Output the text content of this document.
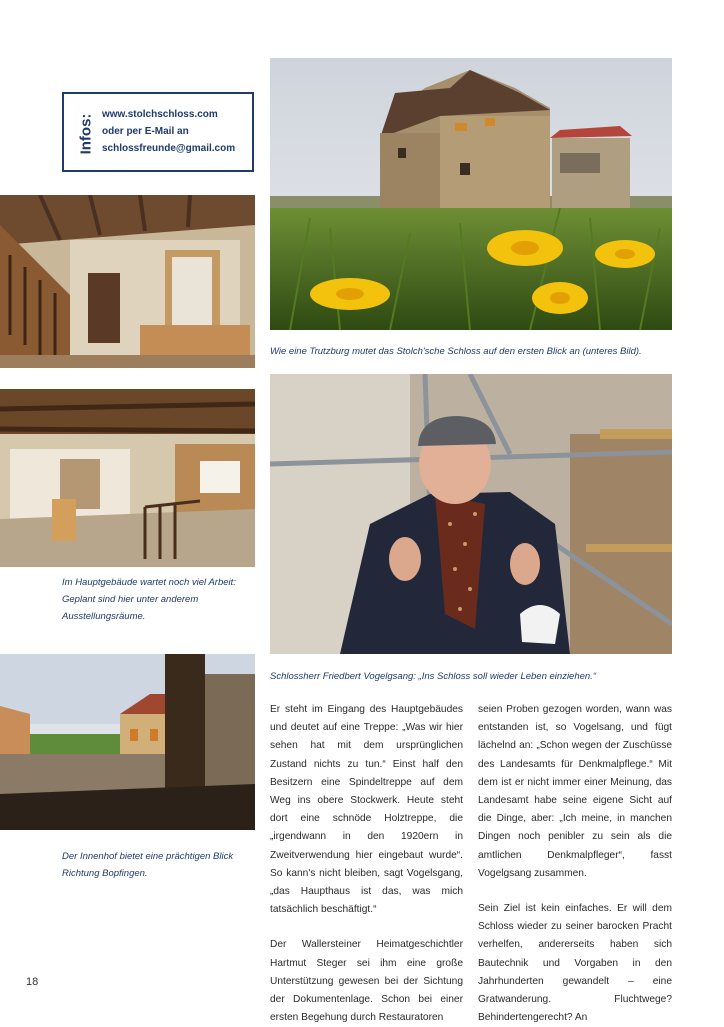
Infos: www.stolchschloss.com
oder per E-Mail an
schlossfreunde@gmail.com
Wie eine Trutzburg mutet das Stolch'sche Schloss auf den ersten Blick an (unteres Bild).
Im Hauptgebäude wartet noch viel Arbeit: Geplant sind hier unter anderem Ausstellungsräume.
Schlossherr Friedbert Vogelgsang: „Ins Schloss soll wieder Leben einziehen.“
Der Innenhof bietet eine prächtigen Blick Richtung Bopfingen.

Er steht im Eingang des Hauptgebäudes und deutet auf eine Treppe: „Was wir hier sehen hat mit dem ursprünglichen Zustand nichts zu tun.“ Einst half den Besitzern eine Spindeltreppe auf dem Weg ins obere Stockwerk. Heute steht dort eine schnöde Holztreppe, die „irgendwann in den 1920ern in Zweitverwendung hier eingebaut wurde“. So kann's nicht bleiben, sagt Vogelsgang, „das Haupthaus ist das, was mich tatsächlich beschäftigt.“

Der Wallersteiner Heimatgeschichtler Hartmut Steger sei ihm eine große Unterstützung gewesen bei der Sichtung der Dokumentenlage. Schon bei einer ersten Begehung durch Restauratoren

seien Proben gezogen worden, wann was entstanden ist, so Vogelsang, und fügt lächelnd an: „Schon wegen der Zuschüsse des Landesamts für Denkmalpflege.“ Mit dem ist er nicht immer einer Meinung, das Landesamt habe seine eigene Sicht auf die Dinge, aber: „Ich meine, in manchen Dingen noch penibler zu sein als die amtlichen Denkmalpfleger“, fasst Vogelgsang zusammen.

Sein Ziel ist kein einfaches. Er will dem Schloss wieder zu seiner barocken Pracht verhelfen, andererseits haben sich Bautechnik und Vorgaben in den Jahrhunderten gewandelt – eine Gratwanderung. Fluchtwege? Behindertengerecht? An

18
